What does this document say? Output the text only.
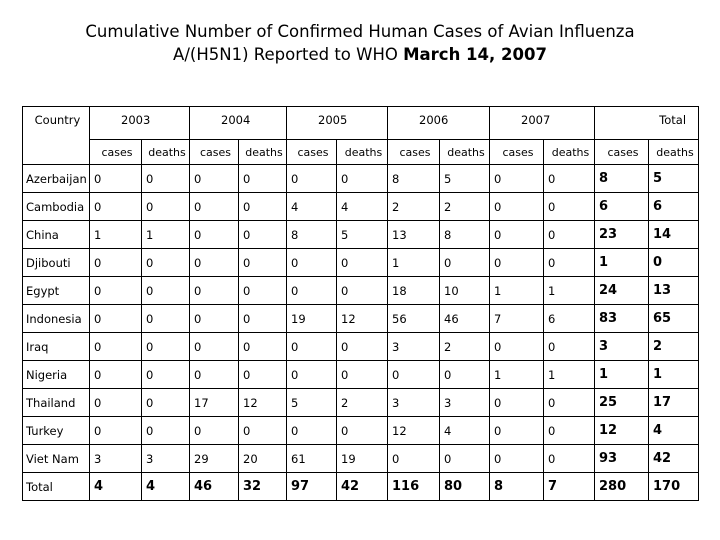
Cumulative Number of Confirmed Human Cases of Avian Influenza
A/(H5N1) Reported to WHO March 14, 2007
Country	2003		2004		2005		2006		2007		Total	

	cases	deaths	cases	deaths	cases	deaths	cases	deaths	cases	deaths	cases	deaths
Azerbaijan	0	0	0	0	0	0	8	5	0	0	8	5
Cambodia	0	0	0	0	4	4	2	2	0	0	6	6
China	1	1	0	0	8	5	13	8	0	0	23	14
Djibouti	0	0	0	0	0	0	1	0	0	0	1	0
Egypt	0	0	0	0	0	0	18	10	1	1	24	13
Indonesia	0	0	0	0	19	12	56	46	7	6	83	65
Iraq	0	0	0	0	0	0	3	2	0	0	3	2
Nigeria	0	0	0	0	0	0	0	0	1	1	1	1
Thailand	0	0	17	12	5	2	3	3	0	0	25	17
Turkey	0	0	0	0	0	0	12	4	0	0	12	4
Viet Nam	3	3	29	20	61	19	0	0	0	0	93	42
Total	4	4	46	32	97	42	116	80	8	7	280	170
